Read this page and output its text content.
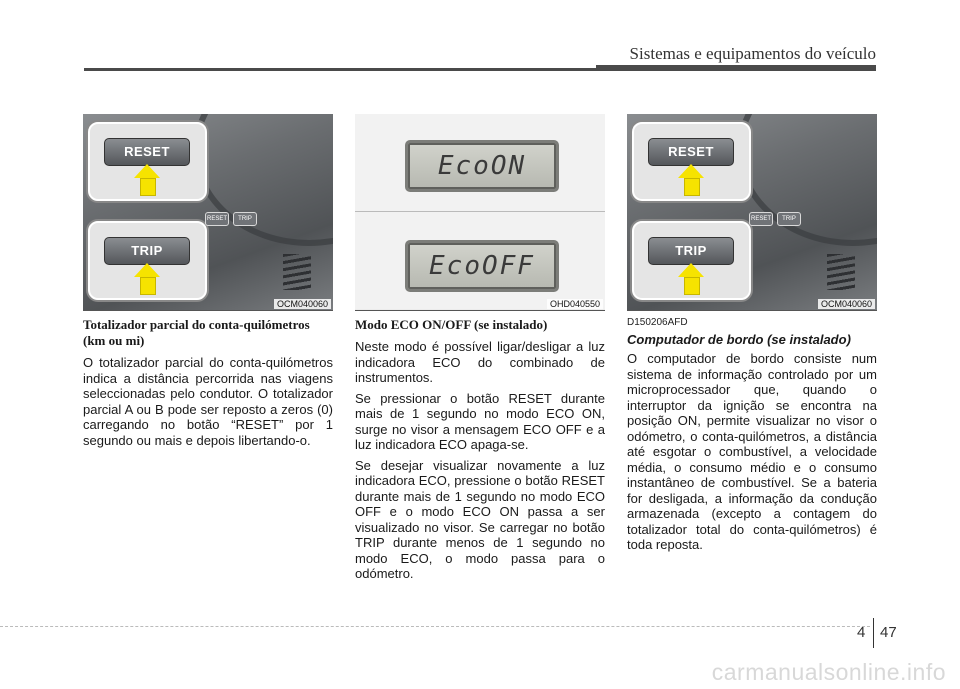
Sistemas e equipamentos do veículo
RESET
TRIP
RESET TRIP
OCM040060
Totalizador parcial do conta-quilómetros (km ou mi)

O totalizador parcial do conta-quilómetros indica a distância percorrida nas viagens seleccionadas pelo condutor. O totalizador parcial A ou B pode ser reposto a zeros (0) carregando no botão “RESET” por 1 segundo ou mais e depois libertando-o.

EcoON
EcoOFF
OHD040550
Modo ECO ON/OFF (se instalado)

Neste modo é possível ligar/desligar a luz indicadora ECO do combinado de instrumentos.

Se pressionar o botão RESET durante mais de 1 segundo no modo ECO ON, surge no visor a mensagem ECO OFF e a luz indicadora ECO apaga-se.

Se desejar visualizar novamente a luz indicadora ECO, pressione o botão RESET durante mais de 1 segundo no modo ECO OFF e o modo ECO ON passa a ser visualizado no visor. Se carregar no botão TRIP durante menos de 1 segundo no modo ECO, o modo passa para o odómetro.

RESET
TRIP
RESET TRIP
OCM040060
D150206AFD
Computador de bordo (se instalado)

O computador de bordo consiste num sistema de informação controlado por um microprocessador que, quando o interruptor da ignição se encontra na posição ON, permite visualizar no visor o odómetro, o conta-quilómetros, a distância até esgotar o combustível, a velocidade média, o consumo médio e o consumo instantâneo de combustível. Se a bateria for desligada, a informação da condução armazenada (excepto a contagem do totalizador total do conta-quilómetros) é toda reposta.

4 47
carmanualsonline.info
